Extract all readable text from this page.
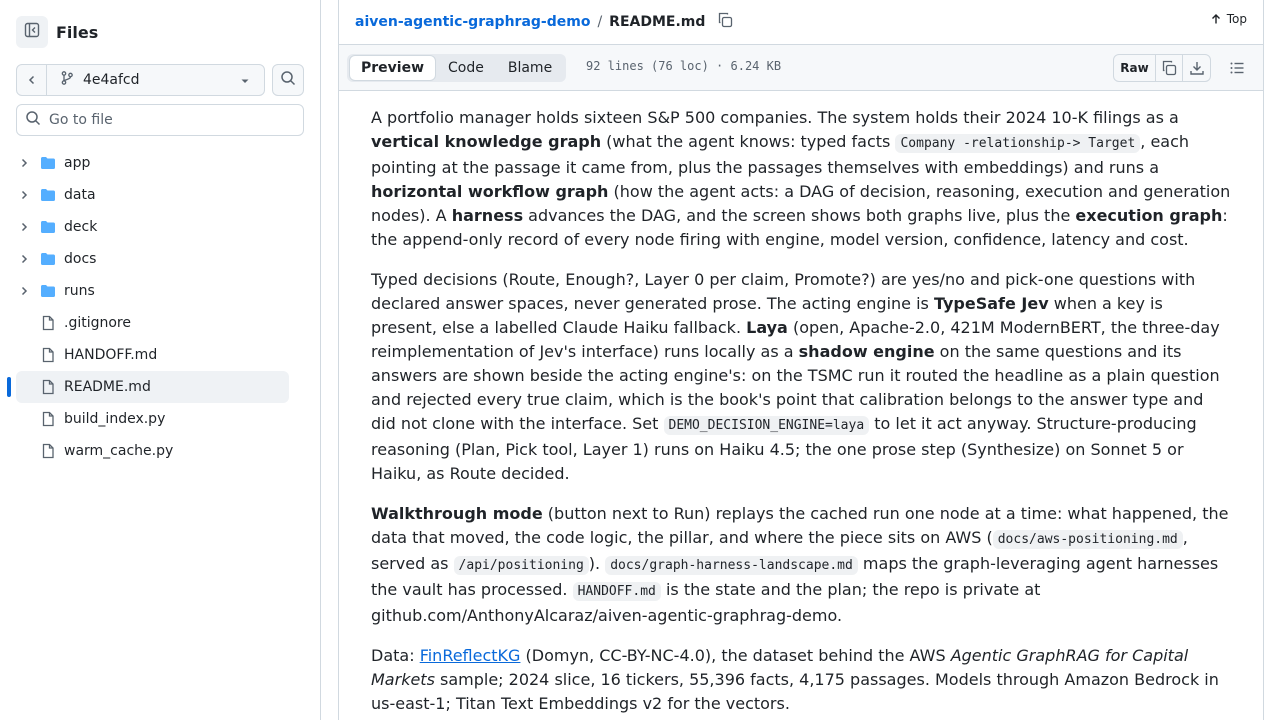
Files
4e4afcd
Go to file
app
data
deck
docs
runs
.gitignore
HANDOFF.md
README.md
build_index.py
warm_cache.py
aiven-agentic-graphrag-demo / README.md	Top
Preview	Code	Blame	92 lines (76 loc) · 6.24 KB	Raw

A portfolio manager holds sixteen S&P 500 companies. The system holds their 2024 10-K filings as a vertical knowledge graph (what the agent knows: typed facts Company -relationship-> Target , each pointing at the passage it came from, plus the passages themselves with embeddings) and runs a horizontal workflow graph (how the agent acts: a DAG of decision, reasoning, execution and generation nodes). A harness advances the DAG, and the screen shows both graphs live, plus the execution graph: the append-only record of every node firing with engine, model version, confidence, latency and cost.

Typed decisions (Route, Enough?, Layer 0 per claim, Promote?) are yes/no and pick-one questions with declared answer spaces, never generated prose. The acting engine is TypeSafe Jev when a key is present, else a labelled Claude Haiku fallback. Laya (open, Apache-2.0, 421M ModernBERT, the three-day reimplementation of Jev's interface) runs locally as a shadow engine on the same questions and its answers are shown beside the acting engine's: on the TSMC run it routed the headline as a plain question and rejected every true claim, which is the book's point that calibration belongs to the answer type and did not clone with the interface. Set DEMO_DECISION_ENGINE=laya to let it act anyway. Structure-producing reasoning (Plan, Pick tool, Layer 1) runs on Haiku 4.5; the one prose step (Synthesize) on Sonnet 5 or Haiku, as Route decided.

Walkthrough mode (button next to Run) replays the cached run one node at a time: what happened, the data that moved, the code logic, the pillar, and where the piece sits on AWS ( docs/aws-positioning.md , served as /api/positioning ). docs/graph-harness-landscape.md maps the graph-leveraging agent harnesses the vault has processed. HANDOFF.md is the state and the plan; the repo is private at github.com/AnthonyAlcaraz/aiven-agentic-graphrag-demo.

Data: FinReflectKG (Domyn, CC-BY-NC-4.0), the dataset behind the AWS Agentic GraphRAG for Capital Markets sample; 2024 slice, 16 tickers, 55,396 facts, 4,175 passages. Models through Amazon Bedrock in us-east-1; Titan Text Embeddings v2 for the vectors.
